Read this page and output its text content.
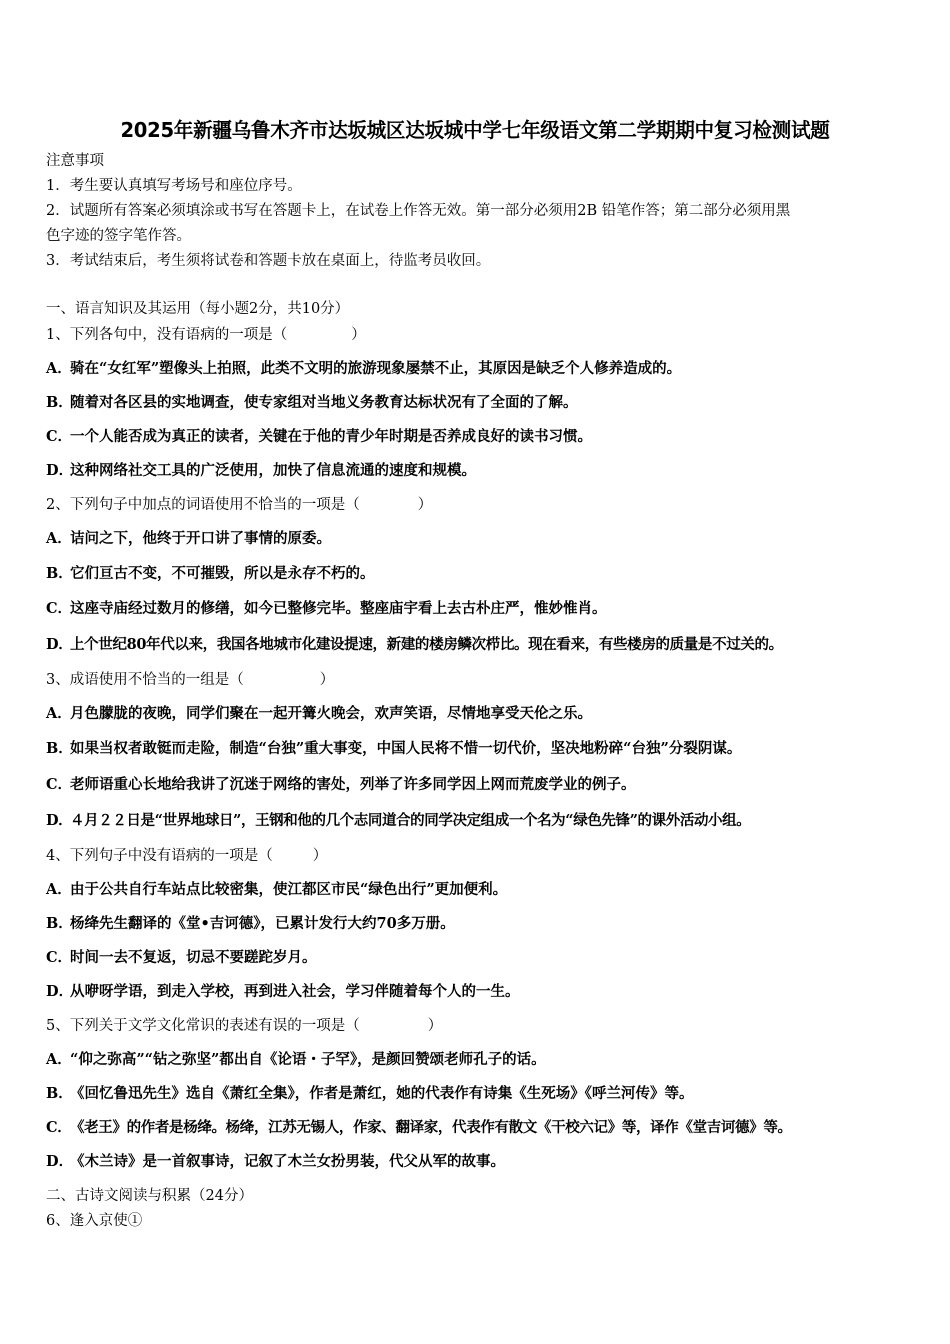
2025年新疆乌鲁木齐市达坂城区达坂城中学七年级语文第二学期期中复习检测试题
注意事项
1．考生要认真填写考场号和座位序号。
2．试题所有答案必须填涂或书写在答题卡上，在试卷上作答无效。第一部分必须用2B 铅笔作答；第二部分必须用黑
色字迹的签字笔作答。
3．考试结束后，考生须将试卷和答题卡放在桌面上，待监考员收回。
一、语言知识及其运用（每小题2分，共10分）
1、下列各句中，没有语病的一项是（	）
A．骑在“女红军”塑像头上拍照，此类不文明的旅游现象屡禁不止，其原因是缺乏个人修养造成的。
B．随着对各区县的实地调查，使专家组对当地义务教育达标状况有了全面的了解。
C．一个人能否成为真正的读者，关键在于他的青少年时期是否养成良好的读书习惯。
D．这种网络社交工具的广泛使用，加快了信息流通的速度和规模。
2、下列句子中加点的词语使用不恰当的一项是（	）
A．诘问之下，他终于开口讲了事情的原委。
B．它们亘古不变，不可摧毁，所以是永存不朽的。
C．这座寺庙经过数月的修缮，如今已整修完毕。整座庙宇看上去古朴庄严，惟妙惟肖。
D．上个世纪80年代以来，我国各地城市化建设提速，新建的楼房鳞次栉比。现在看来，有些楼房的质量是不过关的。
3、成语使用不恰当的一组是（	）
A．月色朦胧的夜晚，同学们聚在一起开篝火晚会，欢声笑语，尽情地享受天伦之乐。
B．如果当权者敢铤而走险，制造“台独”重大事变，中国人民将不惜一切代价，坚决地粉碎“台独”分裂阴谋。
C．老师语重心长地给我讲了沉迷于网络的害处，列举了许多同学因上网而荒废学业的例子。
D．４月２２日是“世界地球日”，王钢和他的几个志同道合的同学决定组成一个名为“绿色先锋”的课外活动小组。
4、下列句子中没有语病的一项是（	）
A．由于公共自行车站点比较密集，使江都区市民“绿色出行”更加便利。
B．杨绛先生翻译的《堂•吉诃德》，已累计发行大约70多万册。
C．时间一去不复返，切忌不要蹉跎岁月。
D．从咿呀学语，到走入学校，再到进入社会，学习伴随着每个人的一生。
5、下列关于文学文化常识的表述有误的一项是（	）
A．“仰之弥高”“钻之弥坚”都出自《论语・子罕》，是颜回赞颂老师孔子的话。
B．《回忆鲁迅先生》选自《萧红全集》，作者是萧红，她的代表作有诗集《生死场》《呼兰河传》等。
C．《老王》的作者是杨绛。杨绛，江苏无锡人，作家、翻译家，代表作有散文《干校六记》等，译作《堂吉诃德》等。
D．《木兰诗》是一首叙事诗，记叙了木兰女扮男装，代父从军的故事。
二、古诗文阅读与积累（24分）
6、逢入京使①
